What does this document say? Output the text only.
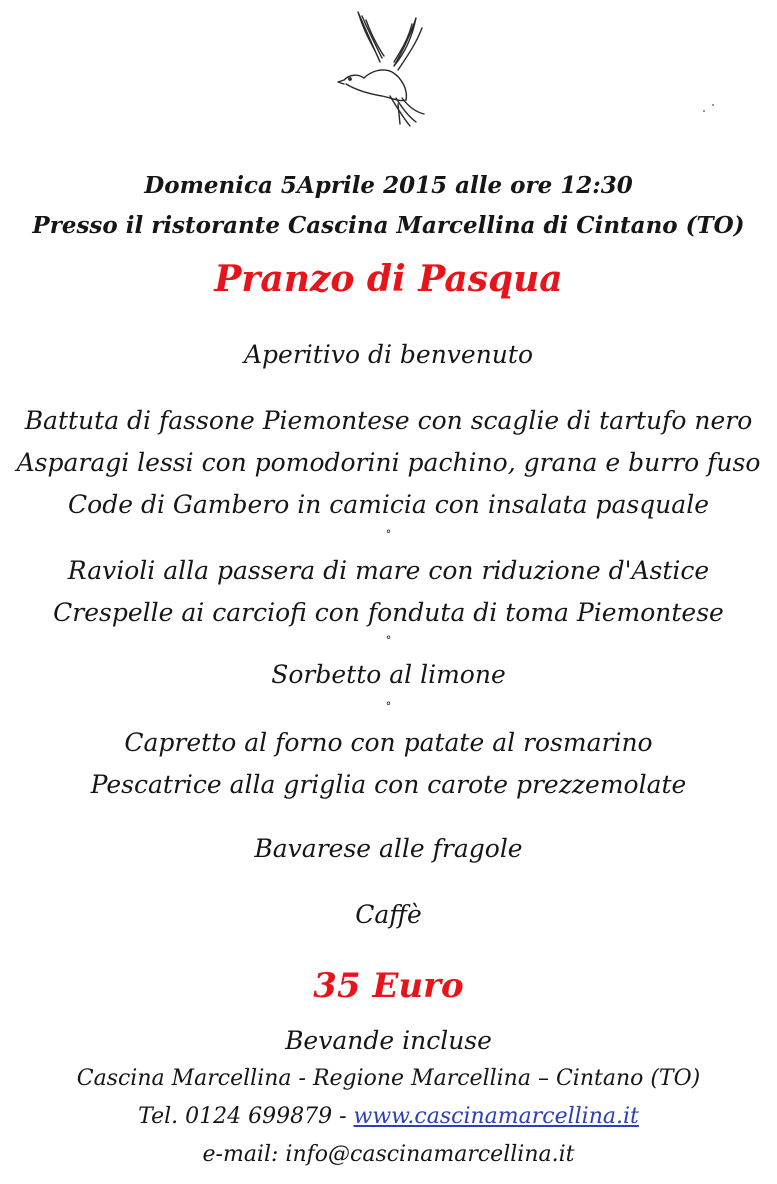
Domenica 5Aprile 2015 alle ore 12:30
Presso il ristorante Cascina Marcellina di Cintano (TO)
Pranzo di Pasqua
Aperitivo di benvenuto
Battuta di fassone Piemontese con scaglie di tartufo nero
Asparagi lessi con pomodorini pachino, grana e burro fuso
Code di Gambero in camicia con insalata pasquale
°
Ravioli alla passera di mare con riduzione d'Astice
Crespelle ai carciofi con fonduta di toma Piemontese
°
Sorbetto al limone
°
Capretto al forno con patate al rosmarino
Pescatrice alla griglia con carote prezzemolate
Bavarese alle fragole
Caffè
35 Euro
Bevande incluse
Cascina Marcellina - Regione Marcellina – Cintano (TO)
Tel. 0124 699879 - www.cascinamarcellina.it
e-mail: info@cascinamarcellina.it
